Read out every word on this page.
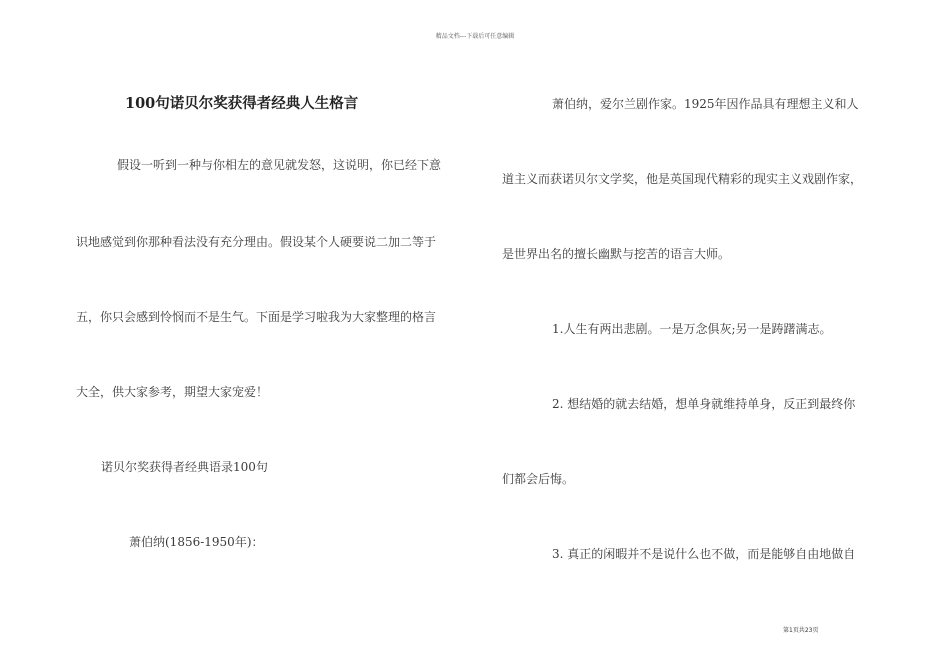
精品文档---下载后可任意编辑
100句诺贝尔奖获得者经典人生格言
假设一听到一种与你相左的意见就发怒，这说明，你已经下意
识地感觉到你那种看法没有充分理由。假设某个人硬要说二加二等于
五，你只会感到怜悯而不是生气。下面是学习啦我为大家整理的格言
大全，供大家参考，期望大家宠爱！
诺贝尔奖获得者经典语录100句
萧伯纳(1856-1950年)：
萧伯纳，爱尔兰剧作家。1925年因作品具有理想主义和人
道主义而获诺贝尔文学奖，他是英国现代精彩的现实主义戏剧作家，
是世界出名的擅长幽默与挖苦的语言大师。
1.人生有两出悲剧。一是万念俱灰;另一是踌躇满志。
2. 想结婚的就去结婚，想单身就维持单身，反正到最终你
们都会后悔。
3. 真正的闲暇并不是说什么也不做，而是能够自由地做自
第1页共23页
